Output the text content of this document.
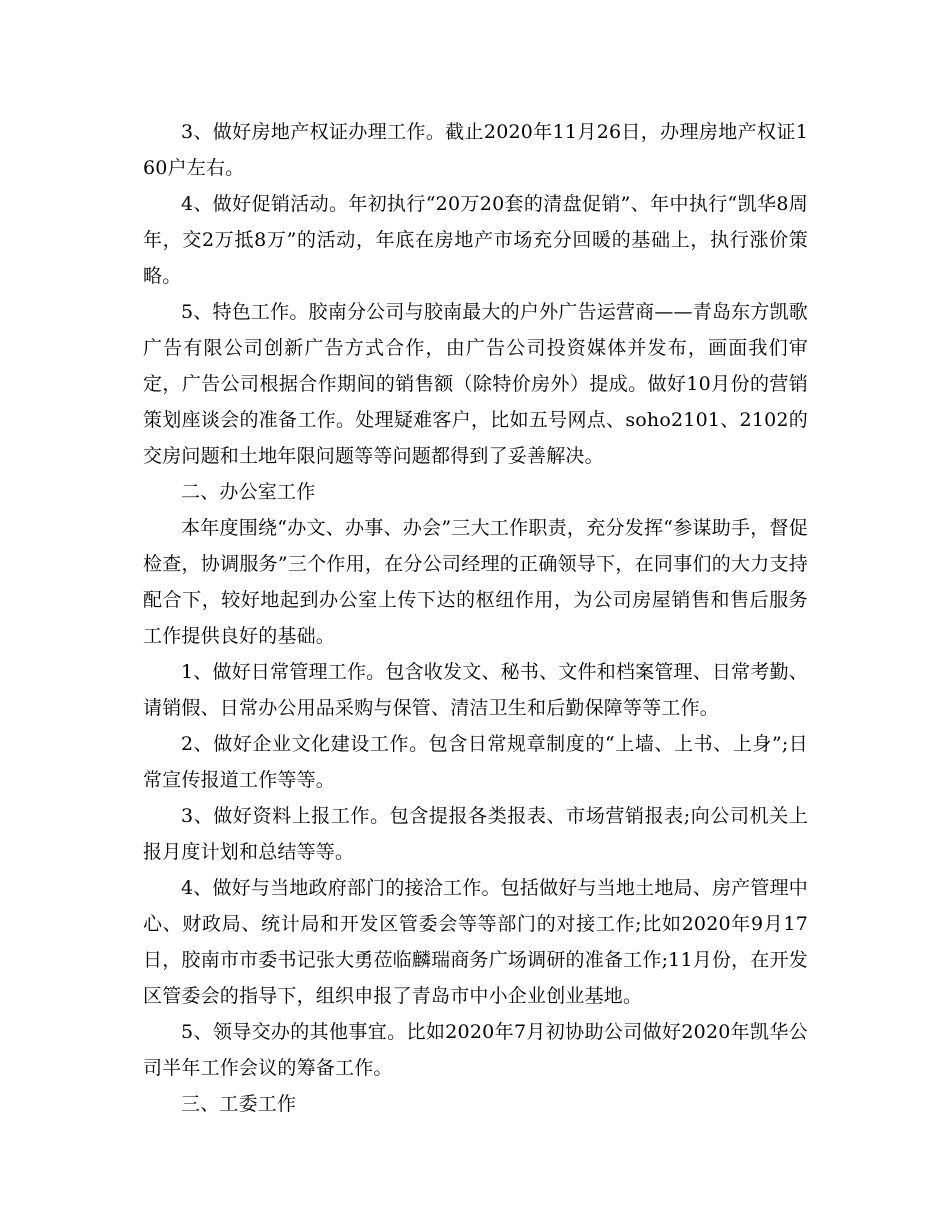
3、做好房地产权证办理工作。截止2020年11月26日，办理房地产权证160户左右。

4、做好促销活动。年初执行“20万20套的清盘促销”、年中执行“凯华8周年，交2万抵8万”的活动，年底在房地产市场充分回暖的基础上，执行涨价策略。

5、特色工作。胶南分公司与胶南最大的户外广告运营商——青岛东方凯歌广告有限公司创新广告方式合作，由广告公司投资媒体并发布，画面我们审定，广告公司根据合作期间的销售额（除特价房外）提成。做好10月份的营销策划座谈会的准备工作。处理疑难客户，比如五号网点、soho2101、2102的交房问题和土地年限问题等等问题都得到了妥善解决。

二、办公室工作

本年度围绕“办文、办事、办会”三大工作职责，充分发挥“参谋助手，督促检查，协调服务”三个作用，在分公司经理的正确领导下，在同事们的大力支持配合下，较好地起到办公室上传下达的枢纽作用，为公司房屋销售和售后服务工作提供良好的基础。

1、做好日常管理工作。包含收发文、秘书、文件和档案管理、日常考勤、请销假、日常办公用品采购与保管、清洁卫生和后勤保障等等工作。

2、做好企业文化建设工作。包含日常规章制度的“上墙、上书、上身”;日常宣传报道工作等等。

3、做好资料上报工作。包含提报各类报表、市场营销报表;向公司机关上报月度计划和总结等等。

4、做好与当地政府部门的接洽工作。包括做好与当地土地局、房产管理中心、财政局、统计局和开发区管委会等等部门的对接工作;比如2020年9月17日，胶南市市委书记张大勇莅临麟瑞商务广场调研的准备工作;11月份，在开发区管委会的指导下，组织申报了青岛市中小企业创业基地。

5、领导交办的其他事宜。比如2020年7月初协助公司做好2020年凯华公司半年工作会议的筹备工作。

三、工委工作
